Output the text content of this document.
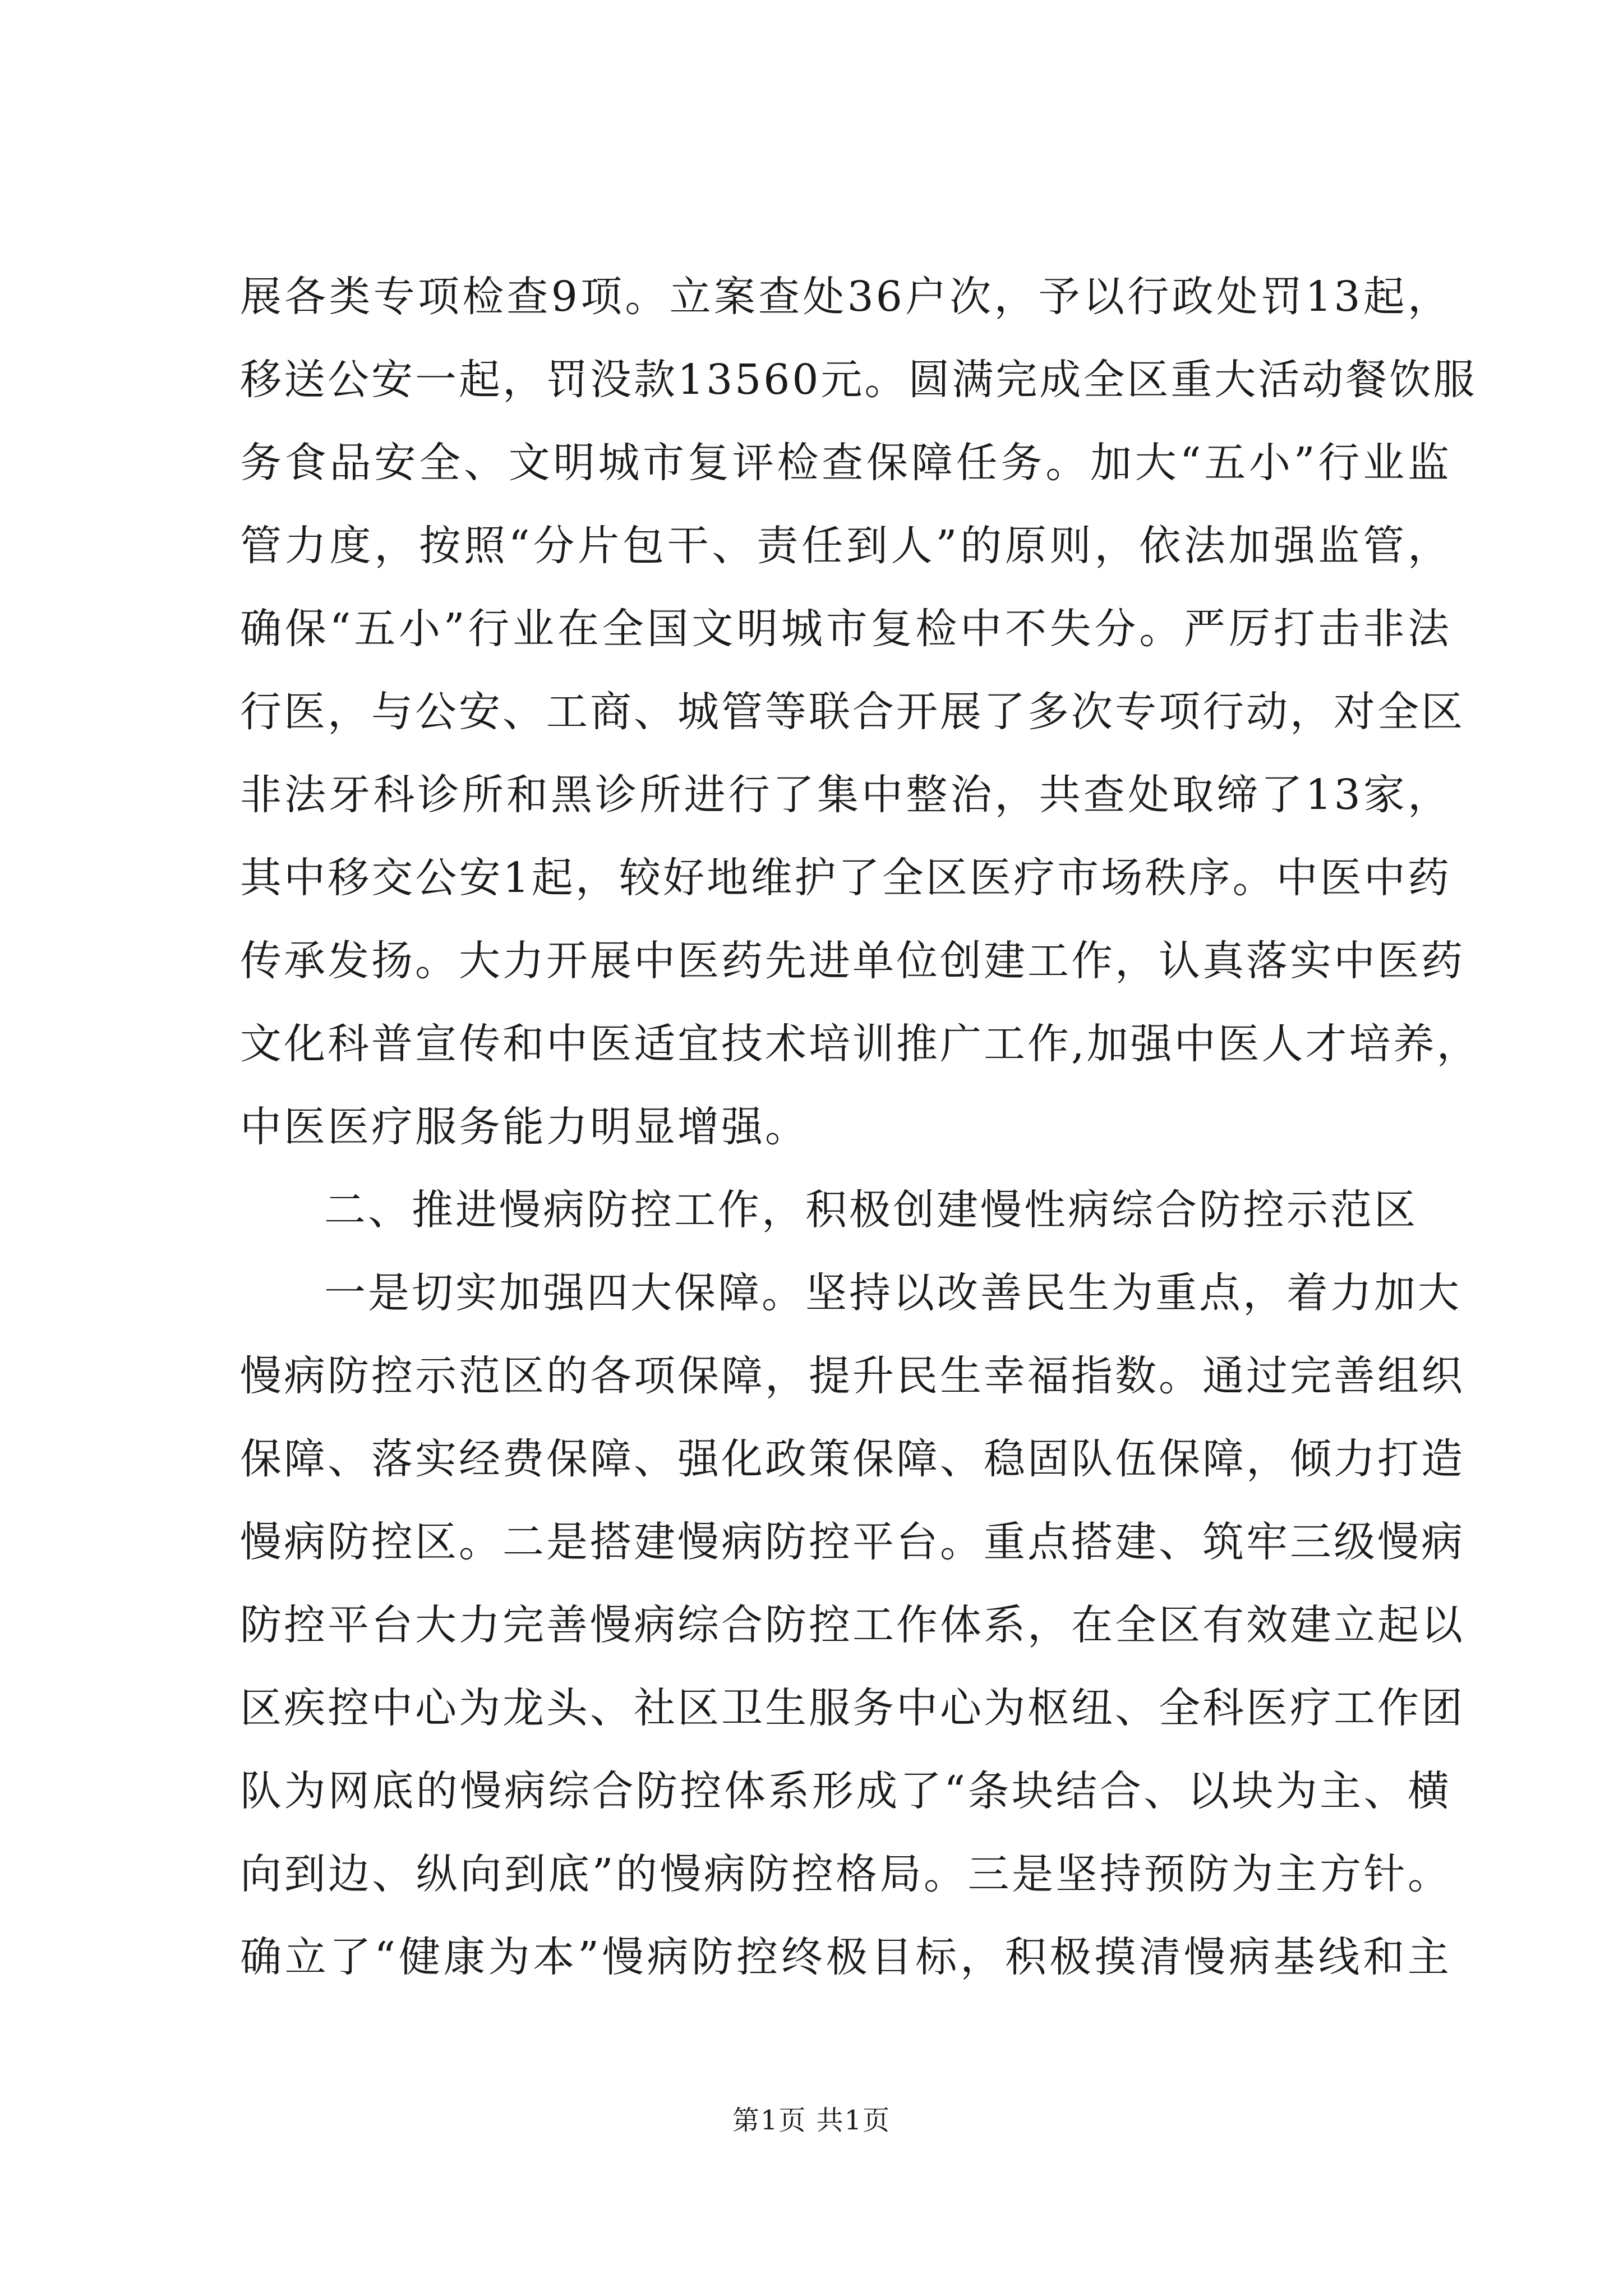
展各类专项检查9项。立案查处36户次，予以行政处罚13起，
移送公安一起，罚没款13560元。圆满完成全区重大活动餐饮服
务食品安全、文明城市复评检查保障任务。加大“五小”行业监
管力度，按照“分片包干、责任到人”的原则，依法加强监管，
确保“五小”行业在全国文明城市复检中不失分。严厉打击非法
行医，与公安、工商、城管等联合开展了多次专项行动，对全区
非法牙科诊所和黑诊所进行了集中整治，共查处取缔了13家，
其中移交公安1起，较好地维护了全区医疗市场秩序。中医中药
传承发扬。大力开展中医药先进单位创建工作，认真落实中医药
文化科普宣传和中医适宜技术培训推广工作,加强中医人才培养，
中医医疗服务能力明显增强。
二、推进慢病防控工作，积极创建慢性病综合防控示范区
一是切实加强四大保障。坚持以改善民生为重点，着力加大
慢病防控示范区的各项保障，提升民生幸福指数。通过完善组织
保障、落实经费保障、强化政策保障、稳固队伍保障，倾力打造
慢病防控区。二是搭建慢病防控平台。重点搭建、筑牢三级慢病
防控平台大力完善慢病综合防控工作体系，在全区有效建立起以
区疾控中心为龙头、社区卫生服务中心为枢纽、全科医疗工作团
队为网底的慢病综合防控体系形成了“条块结合、以块为主、横
向到边、纵向到底”的慢病防控格局。三是坚持预防为主方针。
确立了“健康为本”慢病防控终极目标，积极摸清慢病基线和主
第1页 共1页
